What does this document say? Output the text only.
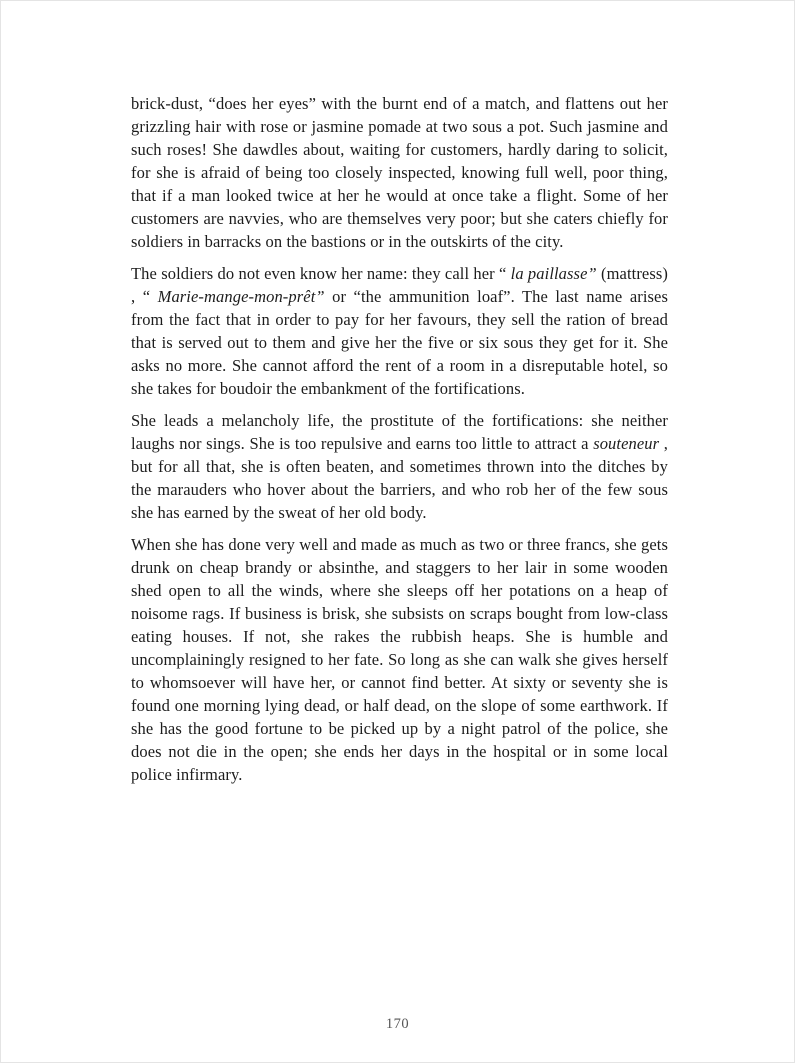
brick-dust, “does her eyes” with the burnt end of a match, and flattens out her grizzling hair with rose or jasmine pomade at two sous a pot. Such jasmine and such roses! She dawdles about, waiting for customers, hardly daring to solicit, for she is afraid of being too closely inspected, knowing full well, poor thing, that if a man looked twice at her he would at once take a flight. Some of her customers are navvies, who are themselves very poor; but she caters chiefly for soldiers in barracks on the bastions or in the outskirts of the city.

The soldiers do not even know her name: they call her “ la paillasse” (mattress) , “ Marie-mange-mon-prêt” or “the ammunition loaf”. The last name arises from the fact that in order to pay for her favours, they sell the ration of bread that is served out to them and give her the five or six sous they get for it. She asks no more. She cannot afford the rent of a room in a disreputable hotel, so she takes for boudoir the embankment of the fortifications.

She leads a melancholy life, the prostitute of the fortifications: she neither laughs nor sings. She is too repulsive and earns too little to attract a souteneur , but for all that, she is often beaten, and sometimes thrown into the ditches by the marauders who hover about the barriers, and who rob her of the few sous she has earned by the sweat of her old body.

When she has done very well and made as much as two or three francs, she gets drunk on cheap brandy or absinthe, and staggers to her lair in some wooden shed open to all the winds, where she sleeps off her potations on a heap of noisome rags. If business is brisk, she subsists on scraps bought from low-class eating houses. If not, she rakes the rubbish heaps. She is humble and uncomplainingly resigned to her fate. So long as she can walk she gives herself to whomsoever will have her, or cannot find better. At sixty or seventy she is found one morning lying dead, or half dead, on the slope of some earthwork. If she has the good fortune to be picked up by a night patrol of the police, she does not die in the open; she ends her days in the hospital or in some local police infirmary.

170
